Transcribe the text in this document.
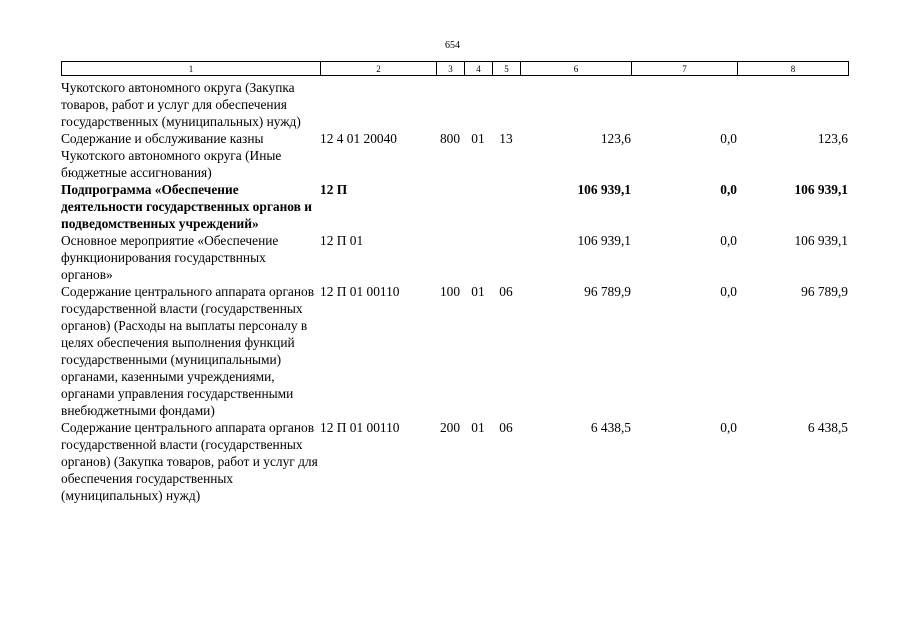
654
1	2	3	4	5	6	7	8
Чукотского автономного округа (Закупка товаров, работ и услуг для обеспечения государственных (муниципальных) нужд)							
Содержание и обслуживание казны Чукотского автономного округа (Иные бюджетные ассигнования)	12 4 01 20040	800	01	13	123,6	0,0	123,6
Подпрограмма «Обеспечение деятельности государственных органов и подведомственных учреждений»	12 П				106 939,1	0,0	106 939,1
Основное мероприятие «Обеспечение функционирования государствнных органов»	12 П 01				106 939,1	0,0	106 939,1
Содержание центрального аппарата органов государственной власти (государственных органов) (Расходы на выплаты персоналу в целях обеспечения выполнения функций государственными (муниципальными) органами, казенными учреждениями, органами управления государственными внебюджетными фондами)	12 П 01 00110	100	01	06	96 789,9	0,0	96 789,9
Содержание центрального аппарата органов государственной власти (государственных органов) (Закупка товаров, работ и услуг для обеспечения государственных (муниципальных) нужд)	12 П 01 00110	200	01	06	6 438,5	0,0	6 438,5
